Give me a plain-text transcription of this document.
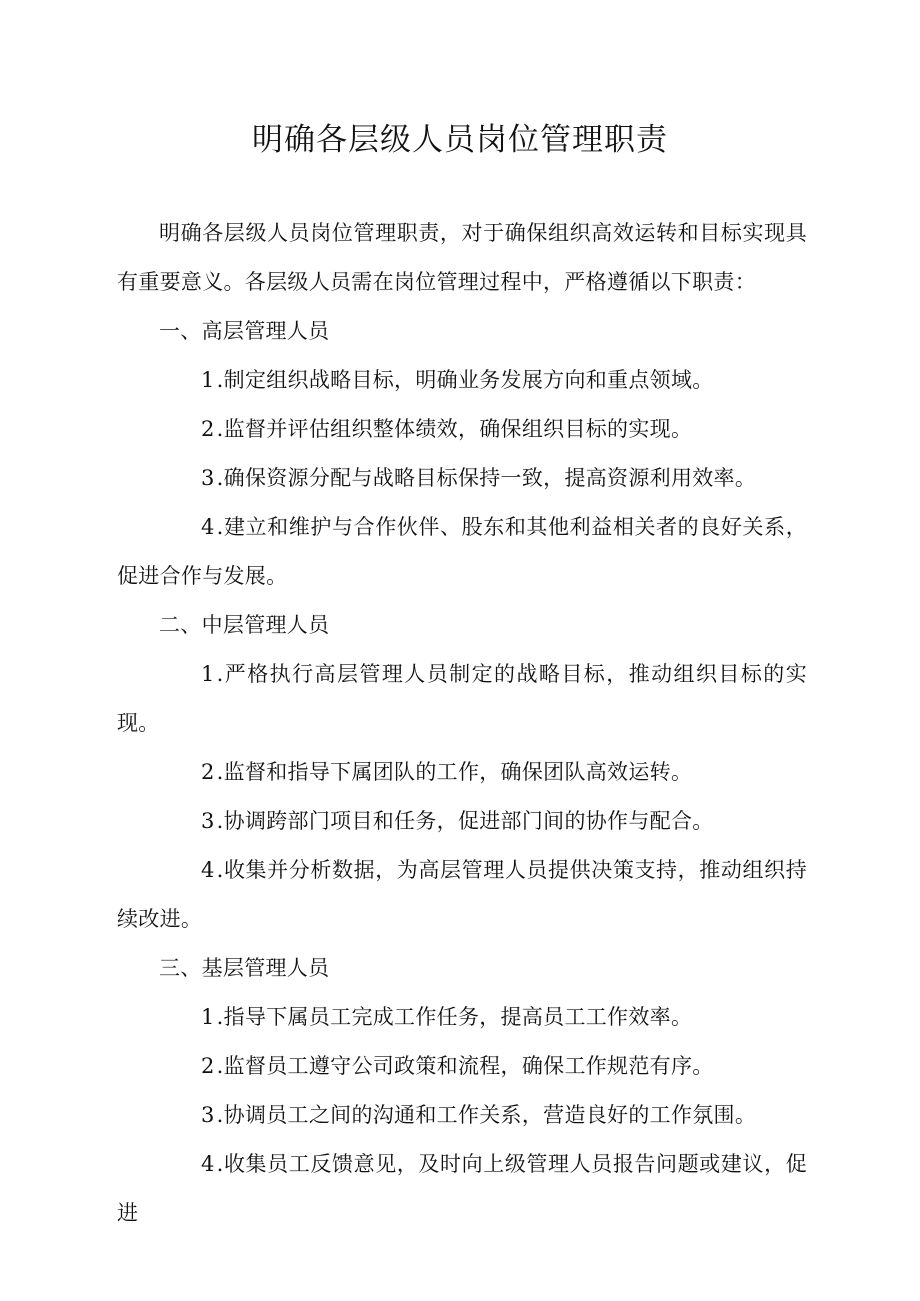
明确各层级人员岗位管理职责

明确各层级人员岗位管理职责，对于确保组织高效运转和目标实现具有重要意义。各层级人员需在岗位管理过程中，严格遵循以下职责：

一、高层管理人员

1.制定组织战略目标，明确业务发展方向和重点领域。

2.监督并评估组织整体绩效，确保组织目标的实现。

3.确保资源分配与战略目标保持一致，提高资源利用效率。

4.建立和维护与合作伙伴、股东和其他利益相关者的良好关系，促进合作与发展。

二、中层管理人员

1.严格执行高层管理人员制定的战略目标，推动组织目标的实现。

2.监督和指导下属团队的工作，确保团队高效运转。

3.协调跨部门项目和任务，促进部门间的协作与配合。

4.收集并分析数据，为高层管理人员提供决策支持，推动组织持续改进。

三、基层管理人员

1.指导下属员工完成工作任务，提高员工工作效率。

2.监督员工遵守公司政策和流程，确保工作规范有序。

3.协调员工之间的沟通和工作关系，营造良好的工作氛围。

4.收集员工反馈意见，及时向上级管理人员报告问题或建议，促进
